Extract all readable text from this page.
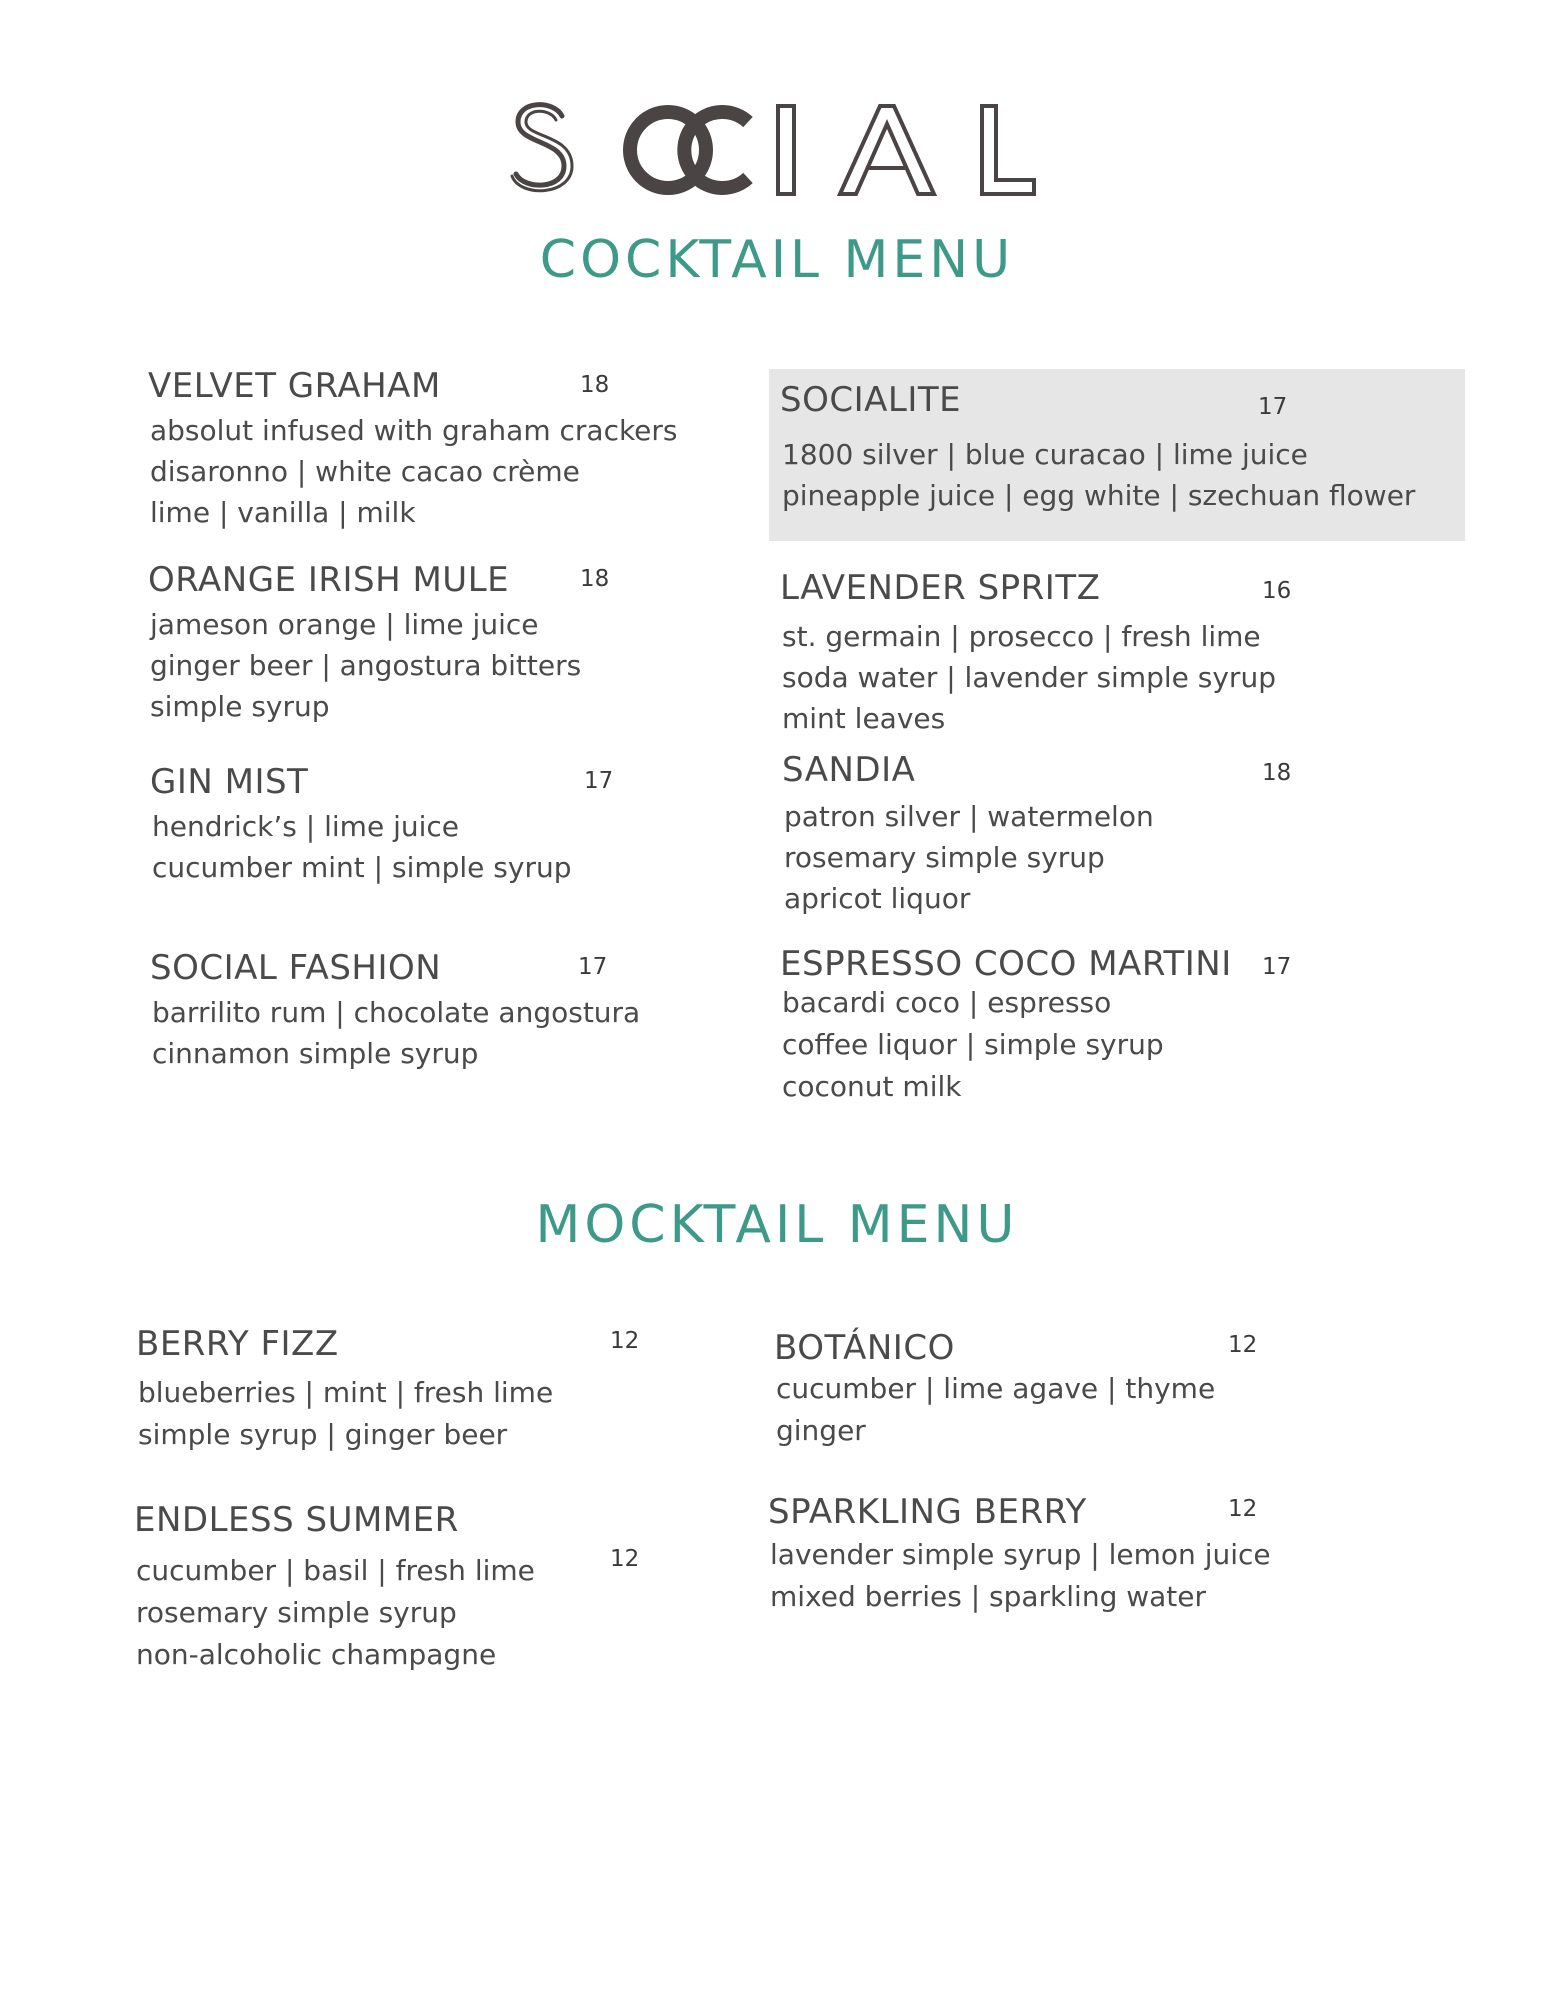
COCKTAIL MENU
VELVET GRAHAM	18
absolut infused with graham crackers
disaronno | white cacao crème
lime | vanilla | milk
ORANGE IRISH MULE	18
jameson orange | lime juice
ginger beer | angostura bitters
simple syrup
GIN MIST	17
hendrick’s | lime juice
cucumber mint | simple syrup
SOCIAL FASHION	17
barrilito rum | chocolate angostura
cinnamon simple syrup
SOCIALITE	17
1800 silver | blue curacao | lime juice
pineapple juice | egg white | szechuan flower
LAVENDER SPRITZ	16
st. germain | prosecco | fresh lime
soda water | lavender simple syrup
mint leaves
SANDIA	18
patron silver | watermelon
rosemary simple syrup
apricot liquor
ESPRESSO COCO MARTINI 17
bacardi coco | espresso
coffee liquor | simple syrup
coconut milk
MOCKTAIL MENU
BERRY FIZZ	12
blueberries | mint | fresh lime
simple syrup | ginger beer
ENDLESS SUMMER
12
cucumber | basil | fresh lime
rosemary simple syrup
non-alcoholic champagne
BOTÁNICO	12
cucumber | lime agave | thyme
ginger
SPARKLING BERRY	12
lavender simple syrup | lemon juice
mixed berries | sparkling water
